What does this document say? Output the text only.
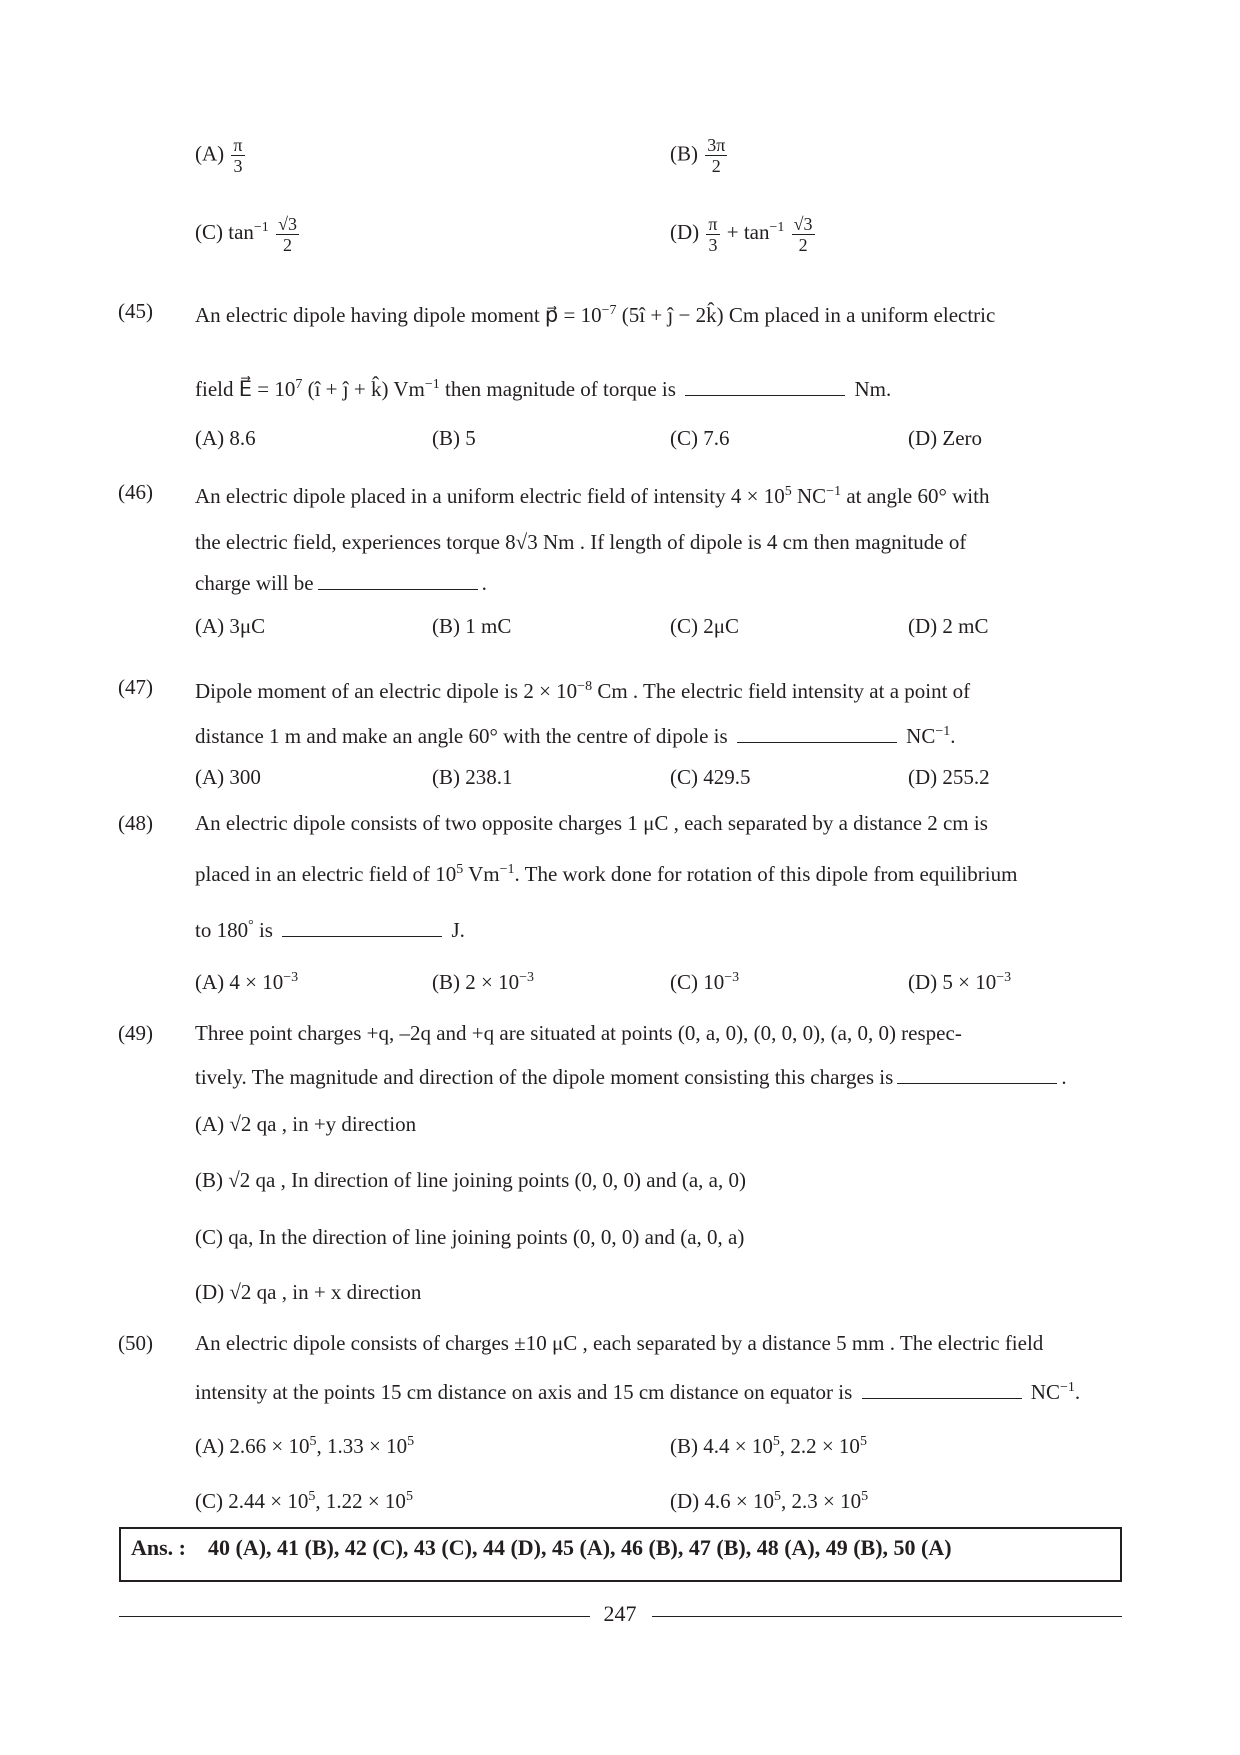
$(A) \frac{\pi}{3}$	$(B) \frac{3\pi}{2}$
(C) $\tan^{-1} \frac{√3}{2}$	$(D) \frac{\pi}{3} + \tan^{-1} \frac{√3}{2}$
(45) An electric dipole having dipole moment p⃗ = $10^{-7}$ (5î + ĵ − 2k̂) Cm placed in a uniform electric
field E⃗ = $10^7$ (î + ĵ + k̂) $Vm^{-1}$ then magnitude of torque is	Nm.
(A) 8.6	(B) 5	(C) 7.6	(D) Zero
(46) An electric dipole placed in a uniform electric field of intensity $4 \times 10^5$ $NC^{-1}$ at angle 60° with
the electric field, experiences torque 8√3 Nm . If length of dipole is 4 cm then magnitude of
charge will be	.
(A) 3μC	(B) 1 mC	(C) 2μC	(D) 2 mC
(47) Dipole moment of an electric dipole is $2 \times 10^{-8}$ Cm . The electric field intensity at a point of
distance 1 m and make an angle 60° with the centre of dipole is	$NC^{-1}$.
(A) 300	(B) 238.1	(C) 429.5	(D) 255.2
(48) An electric dipole consists of two opposite charges 1 μC , each separated by a distance 2 cm is
placed in an electric field of $10^5$ $Vm^{-1}$. The work done for rotation of this dipole from equilibrium
to 180° is	J.
(A) $4 \times 10^{-3}$	(B) $2 \times 10^{-3}$	(C) $10^{-3}$	(D) $5 \times 10^{-3}$
(49) Three point charges +q, –2q and +q are situated at points (0, a, 0), (0, 0, 0), (a, 0, 0) respec-
tively. The magnitude and direction of the dipole moment consisting this charges is	.
(A) √2 qa , in +y direction
(B) √2 qa , In direction of line joining points (0, 0, 0) and (a, a, 0)
(C) qa, In the direction of line joining points (0, 0, 0) and (a, 0, a)
(D) √2 qa , in + x direction
(50) An electric dipole consists of charges ±10 μC , each separated by a distance 5 mm . The electric field
intensity at the points 15 cm distance on axis and 15 cm distance on equator is	$NC^{-1}$.
(A) $2.66 \times 10^5$, $1.33 \times 10^5$	(B) $4.4 \times 10^5$, $2.2 \times 10^5$
(C) $2.44 \times 10^5$, $1.22 \times 10^5$	(D) $4.6 \times 10^5$, $2.3 \times 10^5$
Ans. : 40 (A), 41 (B), 42 (C), 43 (C), 44 (D), 45 (A), 46 (B), 47 (B), 48 (A), 49 (B), 50 (A)
247
